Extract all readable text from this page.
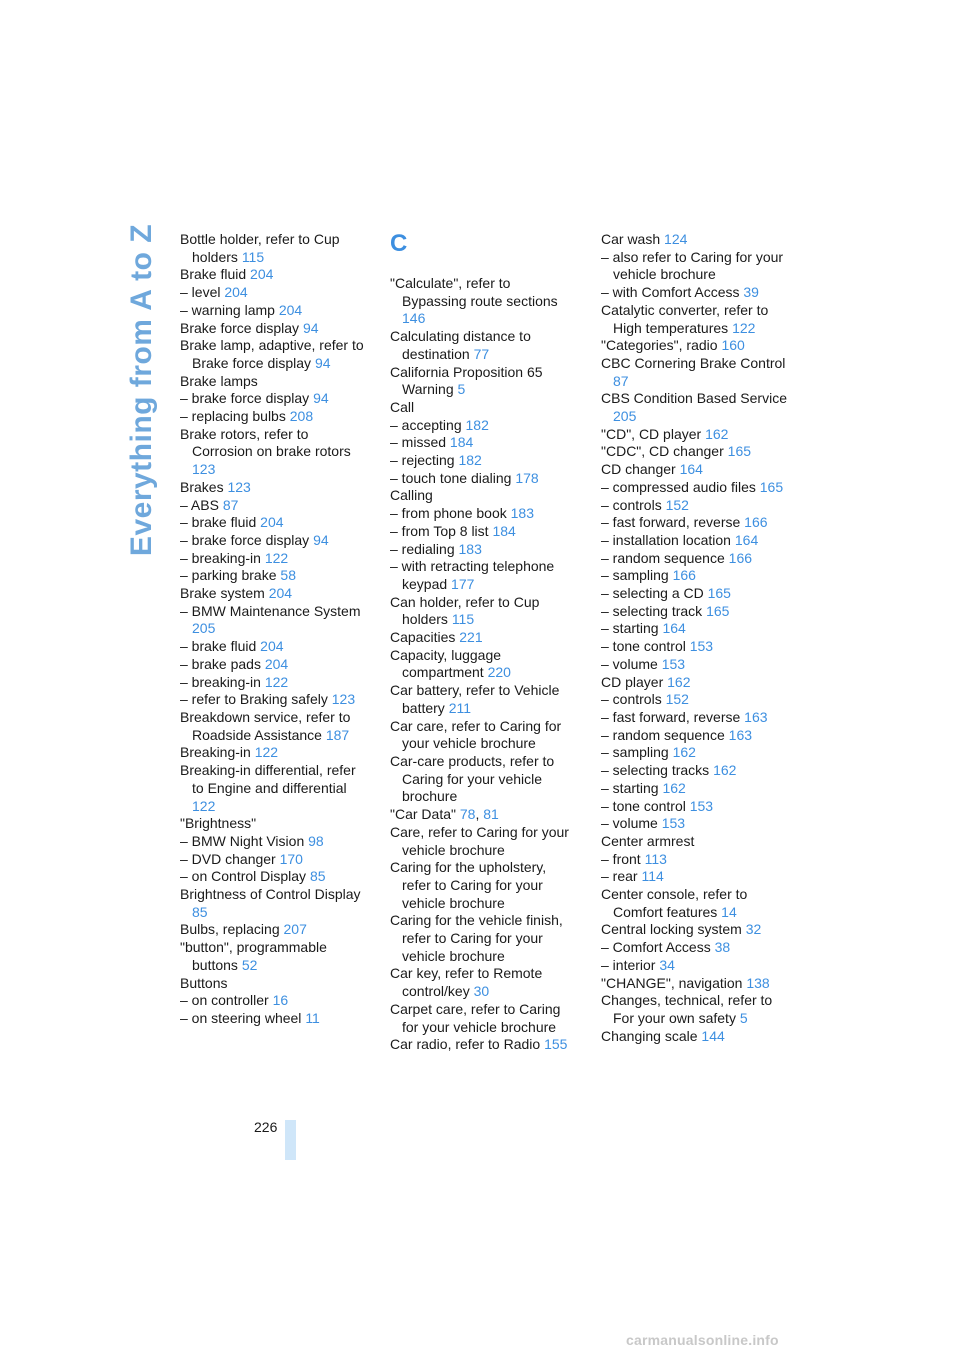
Everything from A to Z Bottle holder, refer to Cup holders 115
Brake fluid 204
– level 204
– warning lamp 204
Brake force display 94
Brake lamp, adaptive, refer to Brake force display 94
Brake lamps
– brake force display 94
– replacing bulbs 208
Brake rotors, refer to Corrosion on brake rotors 123
Brakes 123
– ABS 87
– brake fluid 204
– brake force display 94
– breaking-in 122
– parking brake 58
Brake system 204
– BMW Maintenance System 205
– brake fluid 204
– brake pads 204
– breaking-in 122
– refer to Braking safely 123
Breakdown service, refer to Roadside Assistance 187
Breaking-in 122
Breaking-in differential, refer to Engine and differential 122
"Brightness"
– BMW Night Vision 98
– DVD changer 170
– on Control Display 85
Brightness of Control Display 85
Bulbs, replacing 207
"button", programmable buttons 52
Buttons
– on controller 16
– on steering wheel 11
C
"Calculate", refer to Bypassing route sections 146
Calculating distance to destination 77
California Proposition 65 Warning 5
Call
– accepting 182
– missed 184
– rejecting 182
– touch tone dialing 178
Calling
– from phone book 183
– from Top 8 list 184
– redialing 183
– with retracting telephone keypad 177
Can holder, refer to Cup holders 115
Capacities 221
Capacity, luggage compartment 220
Car battery, refer to Vehicle battery 211
Car care, refer to Caring for your vehicle brochure
Car-care products, refer to Caring for your vehicle brochure
"Car Data" 78, 81
Care, refer to Caring for your vehicle brochure
Caring for the upholstery, refer to Caring for your vehicle brochure
Caring for the vehicle finish, refer to Caring for your vehicle brochure
Car key, refer to Remote control/key 30
Carpet care, refer to Caring for your vehicle brochure
Car radio, refer to Radio 155
Car wash 124
– also refer to Caring for your vehicle brochure
– with Comfort Access 39
Catalytic converter, refer to High temperatures 122
"Categories", radio 160
CBC Cornering Brake Control 87
CBS Condition Based Service 205
"CD", CD player 162
"CDC", CD changer 165
CD changer 164
– compressed audio files 165
– controls 152
– fast forward, reverse 166
– installation location 164
– random sequence 166
– sampling 166
– selecting a CD 165
– selecting track 165
– starting 164
– tone control 153
– volume 153
CD player 162
– controls 152
– fast forward, reverse 163
– random sequence 163
– sampling 162
– selecting tracks 162
– starting 162
– tone control 153
– volume 153
Center armrest
– front 113
– rear 114
Center console, refer to Comfort features 14
Central locking system 32
– Comfort Access 38
– interior 34
"CHANGE", navigation 138
Changes, technical, refer to For your own safety 5
Changing scale 144
226
carmanualsonline.info
